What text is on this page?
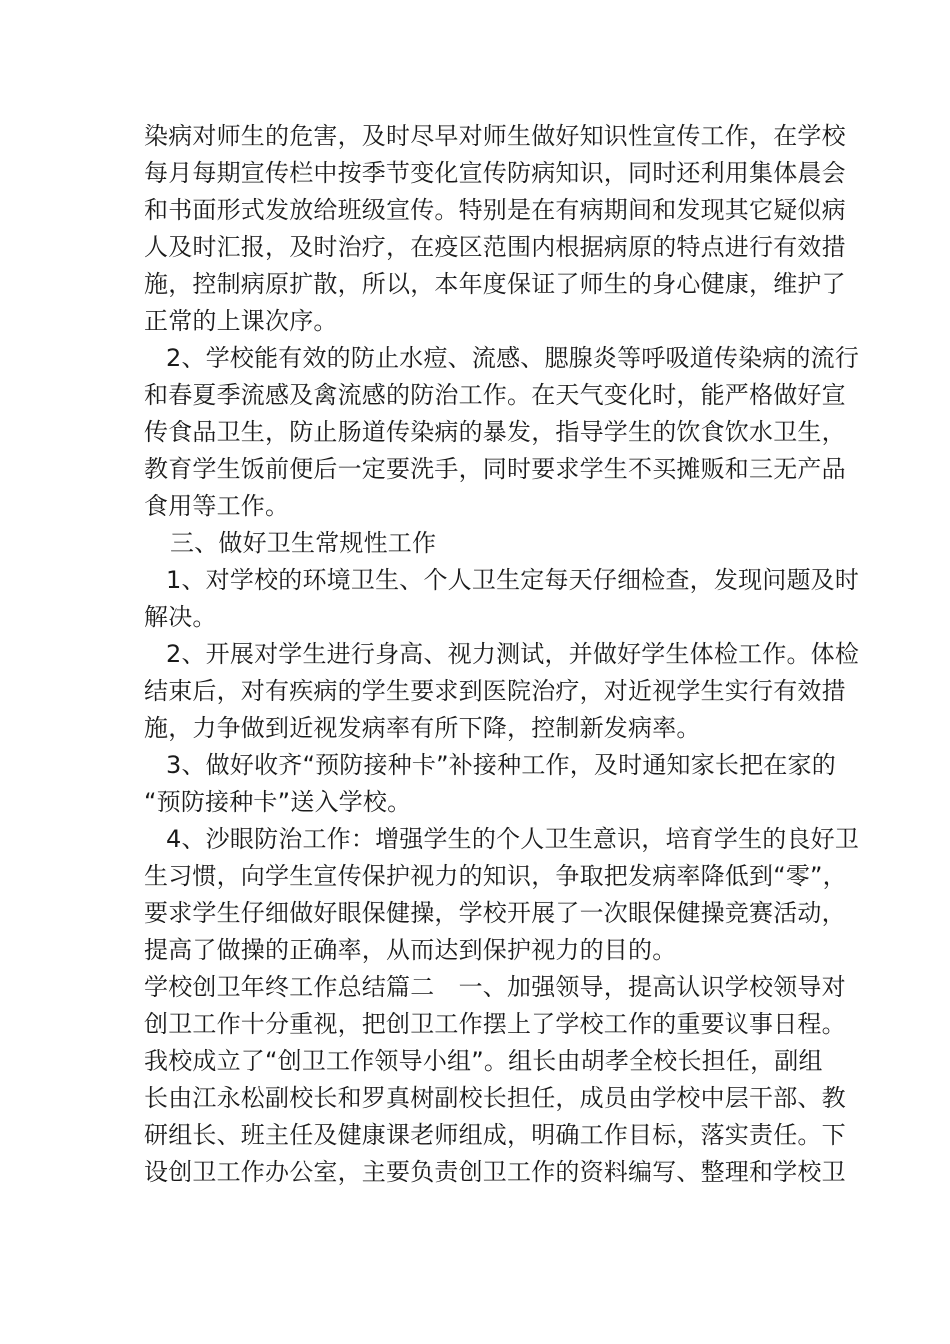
染病对师生的危害，及时尽早对师生做好知识性宣传工作，在学校
每月每期宣传栏中按季节变化宣传防病知识，同时还利用集体晨会
和书面形式发放给班级宣传。特别是在有病期间和发现其它疑似病
人及时汇报，及时治疗，在疫区范围内根据病原的特点进行有效措
施，控制病原扩散，所以，本年度保证了师生的身心健康，维护了
正常的上课次序。
2、学校能有效的防止水痘、流感、腮腺炎等呼吸道传染病的流行
和春夏季流感及禽流感的防治工作。在天气变化时，能严格做好宣
传食品卫生，防止肠道传染病的暴发，指导学生的饮食饮水卫生，
教育学生饭前便后一定要洗手，同时要求学生不买摊贩和三无产品
食用等工作。
三、做好卫生常规性工作
1、对学校的环境卫生、个人卫生定每天仔细检查，发现问题及时
解决。
2、开展对学生进行身高、视力测试，并做好学生体检工作。体检
结束后，对有疾病的学生要求到医院治疗，对近视学生实行有效措
施，力争做到近视发病率有所下降，控制新发病率。
3、做好收齐“预防接种卡”补接种工作，及时通知家长把在家的
“预防接种卡”送入学校。
4、沙眼防治工作：增强学生的个人卫生意识，培育学生的良好卫
生习惯，向学生宣传保护视力的知识，争取把发病率降低到“零”，
要求学生仔细做好眼保健操，学校开展了一次眼保健操竞赛活动，
提高了做操的正确率，从而达到保护视力的目的。
学校创卫年终工作总结篇二　一、加强领导，提高认识学校领导对
创卫工作十分重视，把创卫工作摆上了学校工作的重要议事日程。
我校成立了“创卫工作领导小组”。组长由胡孝全校长担任，副组
长由江永松副校长和罗真树副校长担任，成员由学校中层干部、教
研组长、班主任及健康课老师组成，明确工作目标，落实责任。下
设创卫工作办公室，主要负责创卫工作的资料编写、整理和学校卫
